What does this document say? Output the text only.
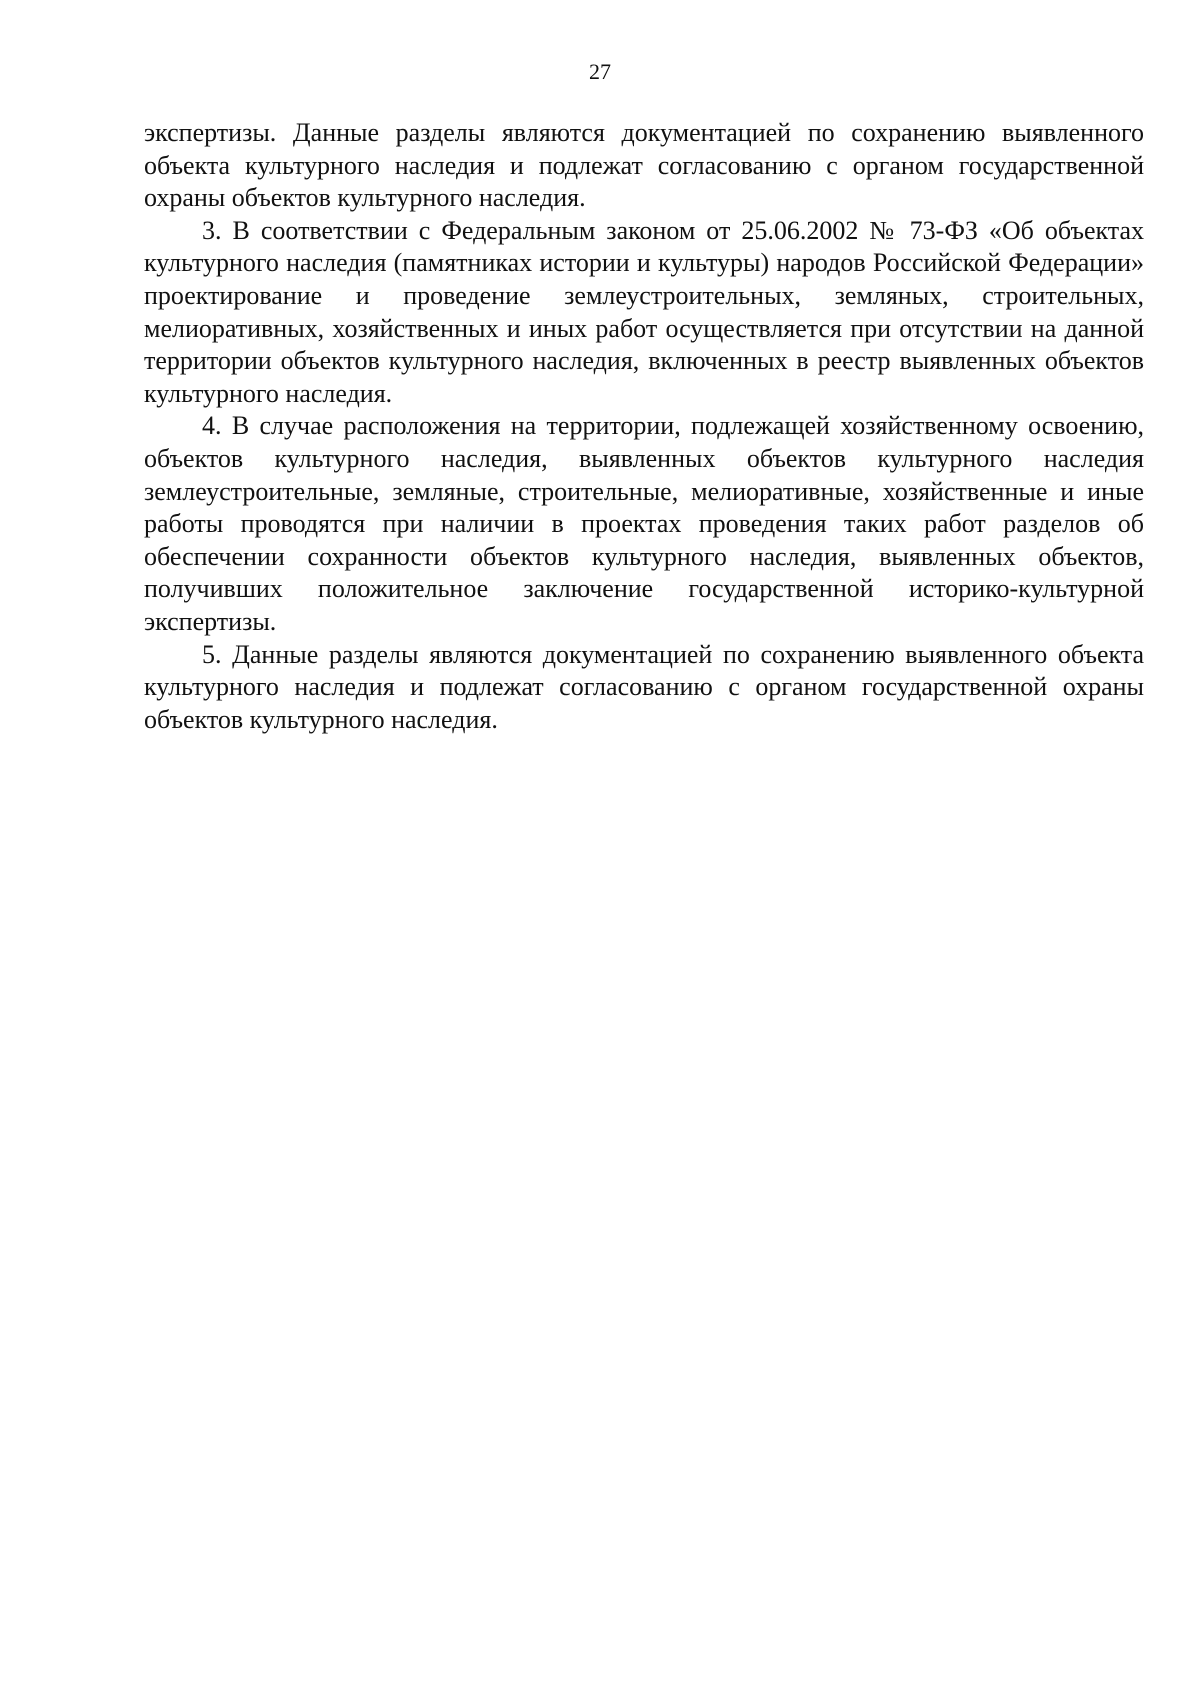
27

экспертизы. Данные разделы являются документацией по сохранению выявленного объекта культурного наследия и подлежат согласованию с органом государственной охраны объектов культурного наследия.

3. В соответствии с Федеральным законом от 25.06.2002 № 73-ФЗ «Об объектах культурного наследия (памятниках истории и культуры) народов Российской Федерации» проектирование и проведение землеустроительных, земляных, строительных, мелиоративных, хозяйственных и иных работ осуществляется при отсутствии на данной территории объектов культурного наследия, включенных в реестр выявленных объектов культурного наследия.

4. В случае расположения на территории, подлежащей хозяйственному освоению, объектов культурного наследия, выявленных объектов культурного наследия землеустроительные, земляные, строительные, мелиоративные, хозяйственные и иные работы проводятся при наличии в проектах проведения таких работ разделов об обеспечении сохранности объектов культурного наследия, выявленных объектов, получивших положительное заключение государственной историко-культурной экспертизы.

5. Данные разделы являются документацией по сохранению выявленного объекта культурного наследия и подлежат согласованию с органом государственной охраны объектов культурного наследия.
